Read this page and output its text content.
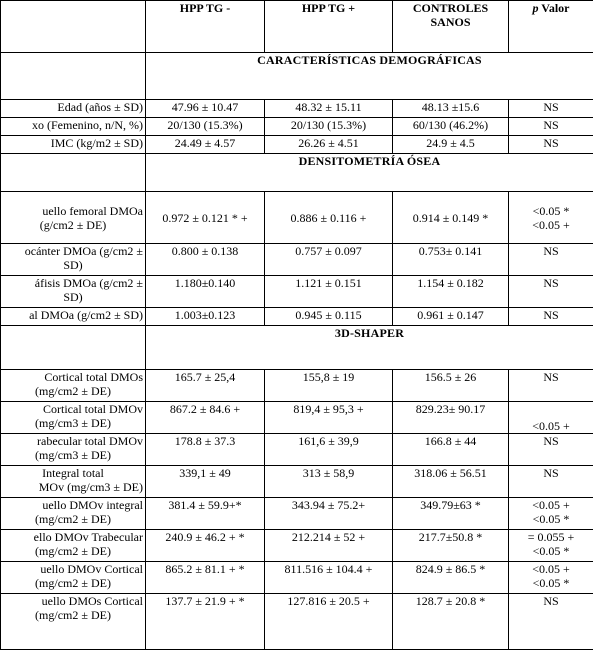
	HPP TG -	HPP TG +	CONTROLES
SANOS	p Valor
	CARACTERÍSTICAS DEMOGRÁFICAS			
Edad (años ± SD)	47.96 ± 10.47	48.32 ± 15.11	48.13 ±15.6	NS
xo (Femenino, n/N, %)	20/130 (15.3%)	20/130 (15.3%)	60/130 (46.2%)	NS
IMC (kg/m2 ± SD)	24.49 ± 4.57	26.26 ± 4.51	24.9 ± 4.5	NS
	DENSITOMETRÍA ÓSEA			

uello femoral DMOa
(g/cm2 ± DE)	0.972 ± 0.121 * +	0.886 ± 0.116 +	0.914 ± 0.149 *	<0.05 *
<0.05 +

ocánter DMOa (g/cm2 ±
SD)	0.800 ± 0.138	0.757 ± 0.097	0.753± 0.141	NS

áfisis DMOa (g/cm2 ±
SD)	1.180±0.140	1.121 ± 0.151	1.154 ± 0.182	NS
al DMOa (g/cm2 ± SD)	1.003±0.123	0.945 ± 0.115	0.961 ± 0.147	NS
	3D-SHAPER			

Cortical total DMOs
(mg/cm2 ± DE)	165.7 ± 25,4	155,8 ± 19	156.5 ± 26	NS

Cortical total DMOv
(mg/cm3 ± DE)	867.2 ± 84.6 +	819,4 ± 95,3 +	829.23± 90.17	<0.05 +

rabecular total DMOv
(mg/cm3 ± DE)	178.8 ± 37.3	161,6 ± 39,9	166.8 ± 44	NS

Integral total
MOv (mg/cm3 ± DE)	339,1 ± 49	313 ± 58,9	318.06 ± 56.51	NS

uello DMOv integral
(mg/cm2 ± DE)	381.4 ± 59.9+*	343.94 ± 75.2+	349.79±63 *	<0.05 +
<0.05 *

ello DMOv Trabecular
(mg/cm2 ± DE)	240.9 ± 46.2 + *	212.214 ± 52 +	217.7±50.8 *	= 0.055 +
<0.05 *

uello DMOv Cortical
(mg/cm2 ± DE)	865.2 ± 81.1 + *	811.516 ± 104.4 +	824.9 ± 86.5 *	<0.05 +
<0.05 *

uello DMOs Cortical
(mg/cm2 ± DE)	137.7 ± 21.9 + *	127.816 ± 20.5 +	128.7 ± 20.8 *	NS
